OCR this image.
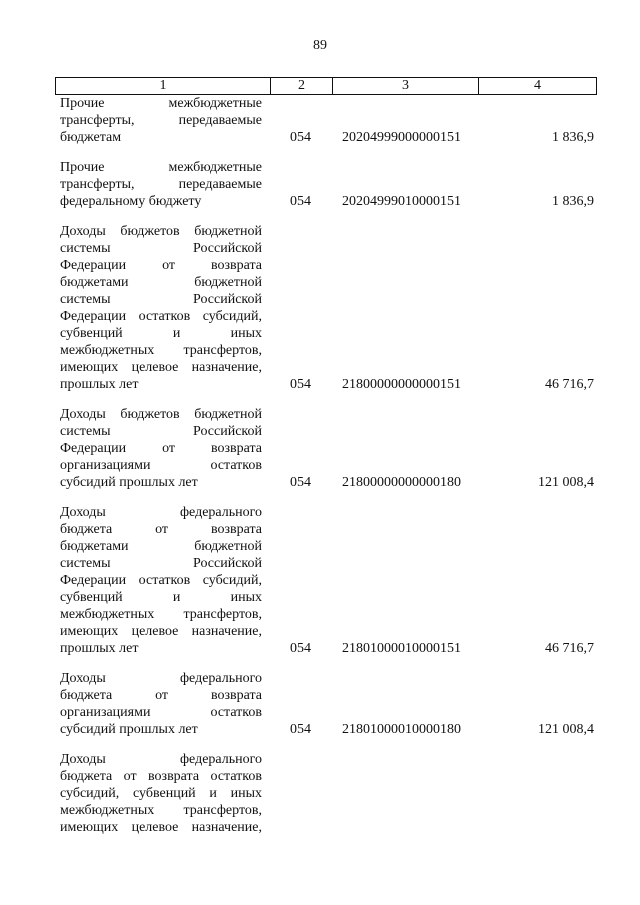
89
1	2	3	4
Прочие межбюджетные
трансферты, передаваемые
бюджетам	054 20204999000000151	1 836,9
Прочие межбюджетные
трансферты, передаваемые
федеральному бюджету	054 20204999010000151	1 836,9
Доходы бюджетов бюджетной
системы Российской
Федерации от возврата
бюджетами бюджетной
системы Российской
Федерации остатков субсидий,
субвенций и иных
межбюджетных трансфертов,
имеющих целевое назначение,
прошлых лет	054 21800000000000151	46 716,7
Доходы бюджетов бюджетной
системы Российской
Федерации от возврата
организациями остатков
субсидий прошлых лет	054 21800000000000180	121 008,4
Доходы федерального
бюджета от возврата
бюджетами бюджетной
системы Российской
Федерации остатков субсидий,
субвенций и иных
межбюджетных трансфертов,
имеющих целевое назначение,
прошлых лет	054 21801000010000151	46 716,7
Доходы федерального
бюджета от возврата
организациями остатков
субсидий прошлых лет	054 21801000010000180	121 008,4
Доходы федерального
бюджета от возврата остатков
субсидий, субвенций и иных
межбюджетных трансфертов,
имеющих целевое назначение,
